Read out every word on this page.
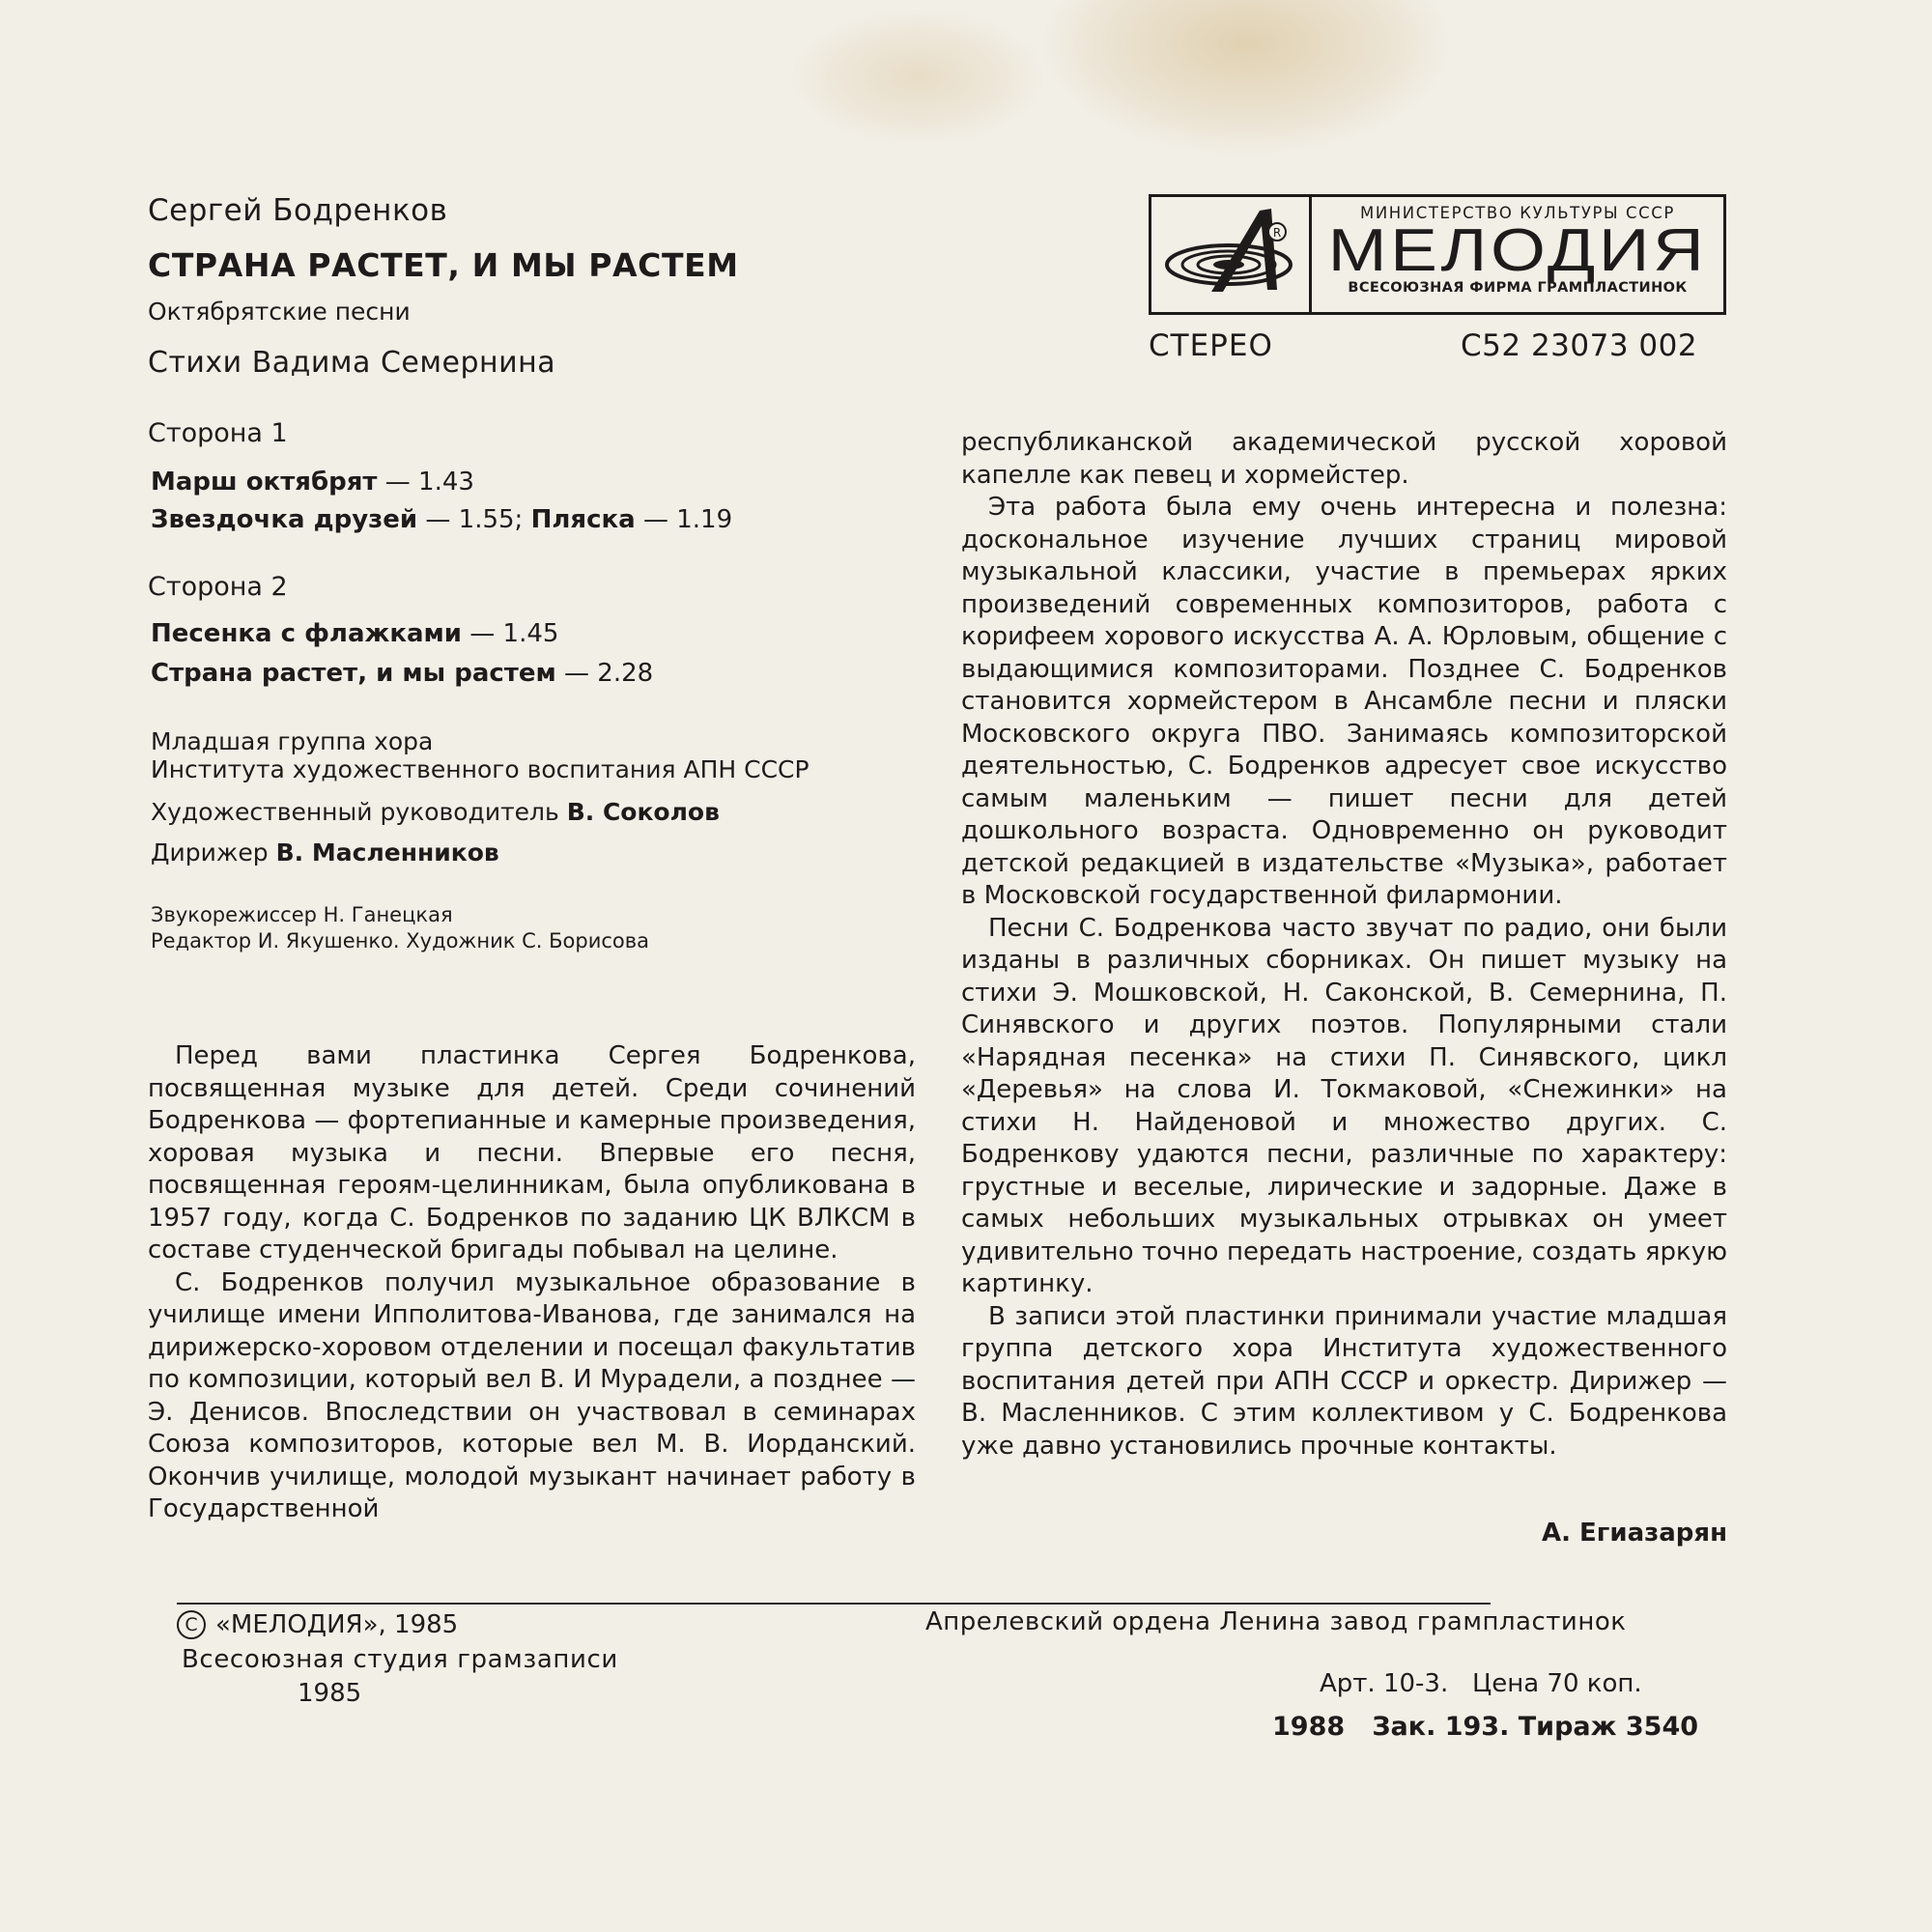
Сергей Бодренков
СТРАНА РАСТЕТ, И МЫ РАСТЕМ
Октябрятские песни
Стихи Вадима Семернина
R
МИНИСТЕРСТВО КУЛЬТУРЫ СССР
МЕЛОДИЯ
ВСЕСОЮЗНАЯ ФИРМА ГРАМПЛАСТИНОК
СТЕРЕО	С52 23073 002
Сторона 1
Марш октябрят — 1.43
Звездочка друзей — 1.55; Пляска — 1.19
Сторона 2
Песенка с флажками — 1.45
Страна растет, и мы растем — 2.28
Младшая группа хора
Института художественного воспитания АПН СССР
Художественный руководитель В. Соколов
Дирижер В. Масленников
Звукорежиссер Н. Ганецкая
Редактор И. Якушенко. Художник С. Борисова

республиканской академической русской хоровой капелле как певец и хормейстер.

Эта работа была ему очень интересна и полезна: доскональное изучение лучших страниц мировой музыкальной классики, участие в премьерах ярких произведений современных композиторов, работа с корифеем хорового искусства А. А. Юрловым, общение с выдающимися композиторами. Позднее С. Бодренков становится хормейстером в Ансамбле песни и пляски Московского округа ПВО. Занимаясь композиторской деятельностью, С. Бодренков адресует свое искусство самым маленьким — пишет песни для детей дошкольного возраста. Одновременно он руководит детской редакцией в издательстве «Музыка», работает в Московской государственной филармонии.

Песни С. Бодренкова часто звучат по радио, они были изданы в различных сборниках. Он пишет музыку на стихи Э. Мошковской, Н. Саконской, В. Семернина, П. Синявского и других поэтов. Популярными стали «Нарядная песенка» на стихи П. Синявского, цикл «Деревья» на слова И. Токмаковой, «Снежинки» на стихи Н. Найденовой и множество других. С. Бодренкову удаются песни, различные по характеру: грустные и веселые, лирические и задорные. Даже в самых небольших музыкальных отрывках он умеет удивительно точно передать настроение, создать яркую картинку.

В записи этой пластинки принимали участие младшая группа детского хора Института художественного воспитания детей при АПН СССР и оркестр. Дирижер — В. Масленников. С этим коллективом у С. Бодренкова уже давно установились прочные контакты.

А. Егиазарян

Перед вами пластинка Сергея Бодренкова, посвященная музыке для детей. Среди сочинений Бодренкова — фортепианные и камерные произведения, хоровая музыка и песни. Впервые его песня, посвященная героям-целинникам, была опубликована в 1957 году, когда С. Бодренков по заданию ЦК ВЛКСМ в составе студенческой бригады побывал на целине.

С. Бодренков получил музыкальное образование в училище имени Ипполитова-Иванова, где занимался на дирижерско-хоровом отделении и посещал факультатив по композиции, который вел В. И Мурадели, а позднее — Э. Денисов. Впоследствии он участвовал в семинарах Союза композиторов, которые вел М. В. Иорданский. Окончив училище, молодой музыкант начинает работу в Государственной

С «МЕЛОДИЯ», 1985
Всесоюзная студия грамзаписи
1985
Апрелевский ордена Ленина завод грампластинок
Арт. 10-3.   Цена 70 коп.
1988   Зак. 193. Тираж 3540
